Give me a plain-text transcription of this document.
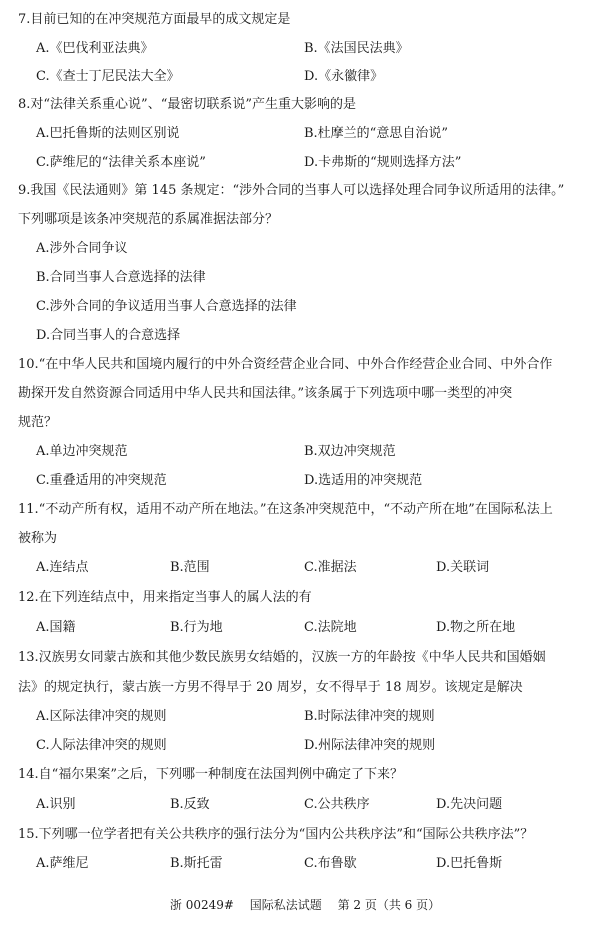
7.目前已知的在冲突规范方面最早的成文规定是
A.《巴伐利亚法典》	B.《法国民法典》
C.《查士丁尼民法大全》	D.《永徽律》
8.对“法律关系重心说”、“最密切联系说”产生重大影响的是
A.巴托鲁斯的法则区别说	B.杜摩兰的“意思自治说”
C.萨维尼的“法律关系本座说”	D.卡弗斯的“规则选择方法”
9.我国《民法通则》第 145 条规定：“涉外合同的当事人可以选择处理合同争议所适用的法律。”
下列哪项是该条冲突规范的系属准据法部分？
A.涉外合同争议
B.合同当事人合意选择的法律
C.涉外合同的争议适用当事人合意选择的法律
D.合同当事人的合意选择
10.“在中华人民共和国境内履行的中外合资经营企业合同、中外合作经营企业合同、中外合作
勘探开发自然资源合同适用中华人民共和国法律。”该条属于下列选项中哪一类型的冲突
规范？
A.单边冲突规范	B.双边冲突规范
C.重叠适用的冲突规范	D.选适用的冲突规范
11.“不动产所有权，适用不动产所在地法。”在这条冲突规范中，“不动产所在地”在国际私法上
被称为
A.连结点	B.范围	C.准据法	D.关联词
12.在下列连结点中，用来指定当事人的属人法的有
A.国籍	B.行为地	C.法院地	D.物之所在地
13.汉族男女同蒙古族和其他少数民族男女结婚的，汉族一方的年龄按《中华人民共和国婚姻
法》的规定执行，蒙古族一方男不得早于 20 周岁，女不得早于 18 周岁。该规定是解决
A.区际法律冲突的规则	B.时际法律冲突的规则
C.人际法律冲突的规则	D.州际法律冲突的规则
14.自“福尔果案”之后，下列哪一种制度在法国判例中确定了下来？
A.识别	B.反致	C.公共秩序	D.先决问题
15.下列哪一位学者把有关公共秩序的强行法分为“国内公共秩序法”和“国际公共秩序法”？
A.萨维尼	B.斯托雷	C.布鲁歇	D.巴托鲁斯
浙 00249# 国际私法试题 第 2 页（共 6 页）
